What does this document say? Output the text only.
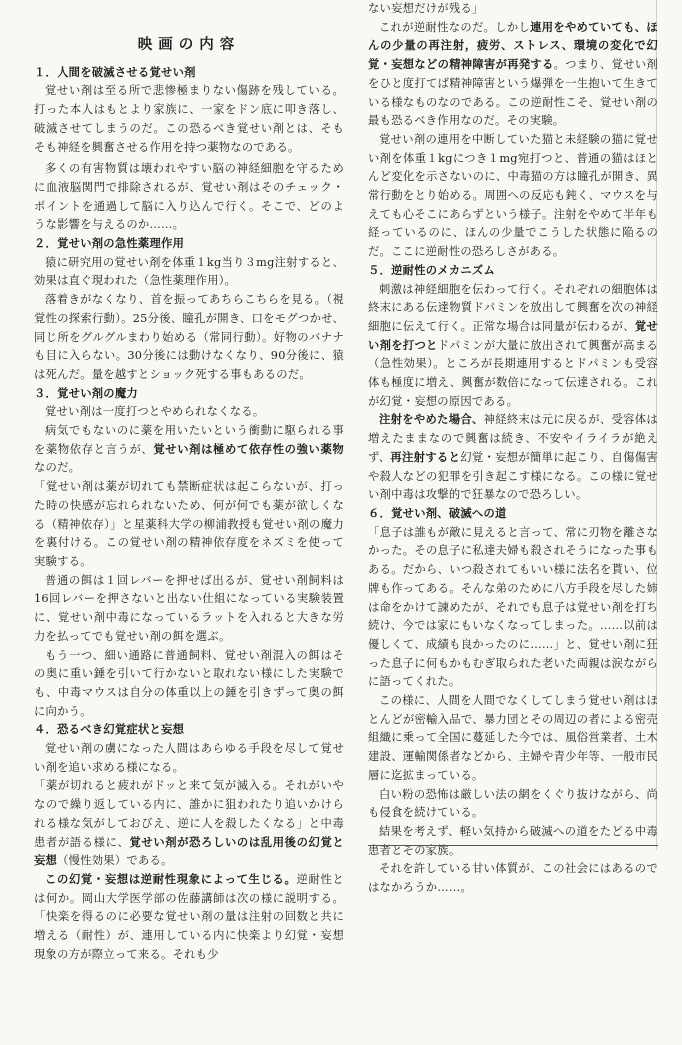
映画の内容
１．人間を破滅させる覚せい剤
覚せい剤は至る所で悲惨極まりない傷跡を残している。打った本人はもとより家族に、一家をドン底に叩き落し、破滅させてしまうのだ。この恐るべき覚せい剤とは、そもそも神経を興奮させる作用を持つ薬物なのである。
多くの有害物質は壊われやすい脳の神経細胞を守るために血液脳関門で排除されるが、覚せい剤はそのチェック・ポイントを通過して脳に入り込んで行く。そこで、どのような影響を与えるのか……。
２．覚せい剤の急性薬理作用
猿に研究用の覚せい剤を体重１kg当り３mg注射すると、効果は直ぐ現われた（急性薬理作用）。
落着きがなくなり、首を振ってあちらこちらを見る。（視覚性の探索行動）。25分後、瞳孔が開き、口をモグつかせ、同じ所をグルグルまわり始める（常同行動）。好物のバナナも目に入らない。30分後には動けなくなり、90分後に、猿は死んだ。量を越すとショック死する事もあるのだ。
３．覚せい剤の魔力
覚せい剤は一度打つとやめられなくなる。
病気でもないのに薬を用いたいという衝動に駆られる事を薬物依存と言うが、覚せい剤は極めて依存性の強い薬物なのだ。
「覚せい剤は薬が切れても禁断症状は起こらないが、打った時の快感が忘れられないため、何が何でも薬が欲しくなる（精神依存）」と星薬科大学の柳浦教授も覚せい剤の魔力を裏付ける。この覚せい剤の精神依存度をネズミを使って実験する。
普通の餌は１回レバーを押せば出るが、覚せい剤飼料は16回レバーを押さないと出ない仕組になっている実験装置に、覚せい剤中毒になっているラットを入れると大きな労力を払ってでも覚せい剤の餌を選ぶ。
もう一つ、細い通路に普通飼料、覚せい剤混入の餌はその奥に重い錘を引いて行かないと取れない様にした実験でも、中毒マウスは自分の体重以上の錘を引きずって奥の餌に向かう。
４．恐るべき幻覚症状と妄想
覚せい剤の虜になった人間はあらゆる手段を尽して覚せい剤を追い求める様になる。
「薬が切れると疲れがドッと来て気が滅入る。それがいやなので繰り返している内に、誰かに狙われたり追いかけられる様な気がしておびえ、逆に人を殺したくなる」と中毒患者が語る様に、覚せい剤が恐ろしいのは乱用後の幻覚と妄想（慢性効果）である。
この幻覚・妄想は逆耐性現象によって生じる。逆耐性とは何か。岡山大学医学部の佐藤講師は次の様に説明する。「快楽を得るのに必要な覚せい剤の量は注射の回数と共に増える（耐性）が、連用している内に快楽より幻覚・妄想現象の方が際立って来る。それも少
ない妄想だけが残る」
これが逆耐性なのだ。しかし連用をやめていても、ほんの少量の再注射，疲労、ストレス、環境の変化で幻覚・妄想などの精神障害が再発する。つまり、覚せい剤をひと度打てば精神障害という爆弾を一生抱いて生きている様なものなのである。この逆耐性こそ、覚せい剤の最も恐るべき作用なのだ。その実験。
覚せい剤の連用を中断していた猫と未経験の猫に覚せい剤を体重１kgにつき１mg宛打つと、普通の猫はほとんど変化を示さないのに、中毒猫の方は瞳孔が開き、異常行動をとり始める。周囲への反応も鈍く、マウスを与えても心そこにあらずという様子。注射をやめて半年も経っているのに、ほんの少量でこうした状態に陥るのだ。ここに逆耐性の恐ろしさがある。
５．逆耐性のメカニズム
刺激は神経細胞を伝わって行く。それぞれの細胞体は終末にある伝達物質ドパミンを放出して興奮を次の神経細胞に伝えて行く。正常な場合は同量が伝わるが、覚せい剤を打つとドパミンが大量に放出されて興奮が高まる（急性効果）。ところが長期連用するとドパミンも受容体も極度に増え、興奮が数倍になって伝達される。これが幻覚・妄想の原因である。
注射をやめた場合、神経終末は元に戻るが、受容体は増えたままなので興奮は続き、不安やイライラが絶えず、再注射すると幻覚・妄想が簡単に起こり、自傷傷害や殺人などの犯罪を引き起こす様になる。この様に覚せい剤中毒は攻撃的で狂暴なので恐ろしい。
６．覚せい剤、破滅への道
「息子は誰もが敵に見えると言って、常に刃物を離さなかった。その息子に私達夫婦も殺されそうになった事もある。だから、いつ殺されてもいい様に法名を貰い、位牌も作ってある。そんな弟のために八方手段を尽した姉は命をかけて諫めたが、それでも息子は覚せい剤を打ち続け、今では家にもいなくなってしまった。……以前は優しくて、成績も良かったのに……」と、覚せい剤に狂った息子に何もかもむぎ取られた老いた両親は涙ながらに語ってくれた。
この様に、人間を人間でなくしてしまう覚せい剤はほとんどが密輸入品で、暴力団とその周辺の者による密売組織に乗って全国に蔓延した今では、風俗営業者、土木建設、運輸関係者などから、主婦や青少年等、一般市民層に迄拡まっている。
白い粉の恐怖は厳しい法の網をくぐり抜けながら、尚も侵食を続けている。
結果を考えず、軽い気持から破滅への道をたどる中毒患者とその家族。
それを許している甘い体質が、この社会にはあるのではなかろうか……。
